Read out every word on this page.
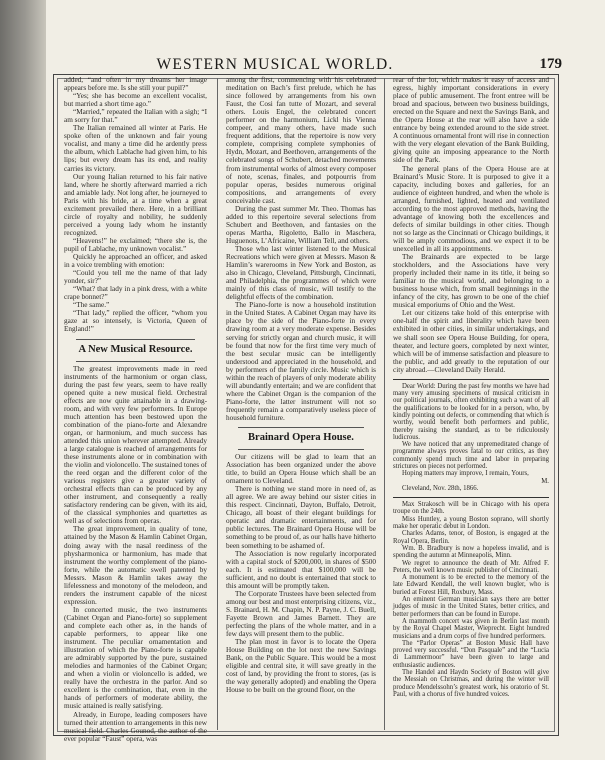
WESTERN MUSICAL WORLD.	179

added, “and often in my dreams her image appears before me. Is she still your pupil?”

“Yes; she has become an excellent vocalist, but married a short time ago.”

“Married,” repeated the Italian with a sigh; “I am sorry for that.”

The Italian remained all winter at Paris. He spoke often of the unknown and fair young vocalist, and many a time did he ardently press the album, which Lablache had given him, to his lips; but every dream has its end, and reality carries its victory.

Our young Italian returned to his fair native land, where he shortly afterward married a rich and amiable lady. Not long after, he journeyed to Paris with his bride, at a time when a great excitement prevailed there. Here, in a brilliant circle of royalty and nobility, he suddenly perceived a young lady whom he instantly recognized.

“Heavens!” he exclaimed; “there she is, the pupil of Lablache, my unknown vocalist.”

Quickly he approached an officer, and asked in a voice trembling with emotion:

“Could you tell me the name of that lady yonder, sir?”

“What? that lady in a pink dress, with a white crape bonnet?”

“The same.”

“That lady,” replied the officer, “whom you gaze at so intensely, is Victoria, Queen of England!”

A New Musical Resource.

The greatest improvements made in reed instruments of the harmonium or organ class, during the past few years, seem to have really opened quite a new musical field. Orchestral effects are now quite attainable in a drawing-room, and with very few performers. In Europe much attention has been bestowed upon the combination of the piano-forte and Alexandre organ, or harmonium, and much success has attended this union wherever attempted. Already a large catalogue is reached of arrangements for these instruments alone or in combination with the violin and violoncello. The sustained tones of the reed organ and the different color of the various registers give a greater variety of orchestral effects than can be produced by any other instrument, and consequently a really satisfactory rendering can be given, with its aid, of the classical symphonies and quartettes as well as of selections from operas.

The great improvement, in quality of tone, attained by the Mason & Hamlin Cabinet Organ, doing away with the nasal reediness of the physharmonica or harmonium, has made that instrument the worthy complement of the piano-forte, while the automatic swell patented by Messrs. Mason & Hamlin takes away the lifelessness and monotony of the melodeon, and renders the instrument capable of the nicest expression.

In concerted music, the two instruments (Cabinet Organ and Piano-forte) so supplement and complete each other as, in the hands of capable performers, to appear like one instrument. The peculiar ornamentation and illustration of which the Piano-forte is capable are admirably supported by the pure, sustained melodies and harmonies of the Cabinet Organ; and when a violin or violoncello is added, we really have the orchestra in the parlor. And so excellent is the combination, that, even in the hands of performers of moderate ability, the music attained is really satisfying.

Already, in Europe, leading composers have turned their attention to arrangements in this new musical field. Charles Gounod, the author of the ever popular “Faust” opera, was

among the first, commencing with his celebrated meditation on Bach’s first prelude, which he has since followed by arrangements from his own Faust, the Cosi fan tutte of Mozart, and several others. Louis Engel, the celebrated concert performer on the harmonium, Lickl his Vienna compeer, and many others, have made such frequent additions, that the repertoire is now very complete, comprising complete symphonies of Hydn, Mozart, and Beethoven, arrangements of the celebrated songs of Schubert, detached movements from instrumental works of almost every composer of note, scenas, finales, and potpourris from popular operas, besides numerous original compositions, and arrangements of every conceivable cast.

During the past summer Mr. Theo. Thomas has added to this repertoire several selections from Schubert and Beethoven, and fantasies on the operas Martha, Rigoletto, Ballo in Maschera, Huguenots, L’Africaine, William Tell, and others.

Those who last winter listened to the Musical Recreations which were given at Messrs. Mason & Hamlin’s warerooms in New York and Boston, as also in Chicago, Cleveland, Pittsburgh, Cincinnati, and Philadelphia, the programmes of which were mainly of this class of music, will testify to the delightful effects of the combination.

The Piano-forte is now a household institution in the United States. A Cabinet Organ may have its place by the side of the Piano-forte in every drawing room at a very moderate expense. Besides serving for strictly organ and church music, it will be found that now for the first time very much of the best secular music can be intelligently understood and appreciated in the household, and by performers of the family circle. Music which is within the reach of players of only moderate ability will abundantly entertain; and we are confident that where the Cabinet Organ is the companion of the Piano-forte, the latter instrument will not so frequently remain a comparatively useless piece of household furniture.

Brainard Opera House.

Our citizens will be glad to learn that an Association has been organized under the above title, to build an Opera House which shall be an ornament to Cleveland.

There is nothing we stand more in need of, as all agree. We are away behind our sister cities in this respect. Cincinnati, Dayton, Buffalo, Detroit, Chicago, all boast of their elegant buildings for operatic and dramatic entertainments, and for public lectures. The Brainard Opera House will be something to be proud of, as our halls have hitherto been something to be ashamed of.

The Association is now regularly incorporated with a capital stock of $200,000, in shares of $500 each. It is estimated that $100,000 will be sufficient, and no doubt is entertained that stock to this amount will be promptly taken.

The Corporate Trustees have been selected from among our best and most enterprising citizens, viz., S. Brainard, H. M. Chapin, N. P. Payne, J. C. Buell, Fayette Brown and James Barnett. They are perfecting the plans of the whole matter, and in a few days will present them to the public.

The plan most in favor is to locate the Opera House Building on the lot next the new Savings Bank, on the Public Square. This would be a most eligible and central site, it will save greatly in the cost of land, by providing the front to stores, (as is the way generally adopted) and enabling the Opera House to be built on the ground floor, on the

rear of the lot, which makes it easy of access and egress, highly important considerations in every place of public amusement. The front entree will be broad and spacious, between two business buildings, erected on the Square and next the Savings Bank, and the Opera House at the rear will also have a side entrance by being extended around to the side street. A continuous ornamental front will rise in connection with the very elegant elevation of the Bank Building, giving quite an imposing appearance to the North side of the Park.

The general plans of the Opera House are at Brainard’s Music Store. It is purposed to give it a capacity, including boxes and galleries, for an audience of eighteen hundred, and when the whole is arranged, furnished, lighted, heated and ventilated according to the most approved methods, having the advantage of knowing both the excellences and defects of similar buildings in other cities. Though not so large as the Cincinnati or Chicago buildings, it will be amply commodious, and we expect it to be unexcelled in all its appointments.

The Brainards are expected to be large stockholders, and the Associations have very properly included their name in its title, it being so familiar to the musical world, and belonging to a business house which, from small beginnings in the infancy of the city, has grown to be one of the chief musical emporiums of Ohio and the West.

Let our citizens take hold of this enterprise with one-half the spirit and liberality which have been exhibited in other cities, in similar undertakings, and we shall soon see Opera House Building, for opera, theater, and lecture goers, completed by next winter, which will be of immense satisfaction and pleasure to the public, and add greatly to the reputation of our city abroad.—Cleveland Daily Herald.

Dear World: During the past few months we have had many very amusing specimens of musical criticism in our political journals, often exhibiting such a want of all the qualifications to be looked for in a person, who, by kindly pointing out defects, or commending that which is worthy, would benefit both performers and public, thereby raising the standard, as to be ridiculously ludicrous.

We have noticed that any unpremeditated change of programme always proves fatal to our critics, as they commonly spend much time and labor in preparing strictures on pieces not performed.

Hoping matters may improve, I remain, Yours,

M.

Cleveland, Nov. 28th, 1866.

Max Strakosch will be in Chicago with his opera troupe on the 24th.

Miss Huntley, a young Boston soprano, will shortly make her operatic debut in London.

Charles Adams, tenor, of Boston, is engaged at the Royal Opera, Berlin.

Wm. B. Bradbury is now a hopeless invalid, and is spending the autumn at Minneapolis, Minn.

We regret to announce the death of Mr. Alfred F. Peters, the well known music publisher of Cincinnati.

A monument is to be erected to the memory of the late Edward Kendall, the well known bugler, who is buried at Forest Hill, Roxbury, Mass.

An eminent German musician says there are better judges of music in the United States, better critics, and better performers than can be found in Europe.

A mammoth concert was given in Berlin last month by the Royal Chapel Master, Wieprecht. Eight hundred musicians and a drum corps of five hundred performers.

The “Parlor Operas” at Boston Music Hall have proved very successful. “Don Pasquale” and the “Lucia di Lammermoor” have been given to large and enthusiastic audiences.

The Handel and Haydn Society of Boston will give the Messiah on Christmas, and during the winter will produce Mendelssohn’s greatest work, his oratorio of St. Paul, with a chorus of five hundred voices.
